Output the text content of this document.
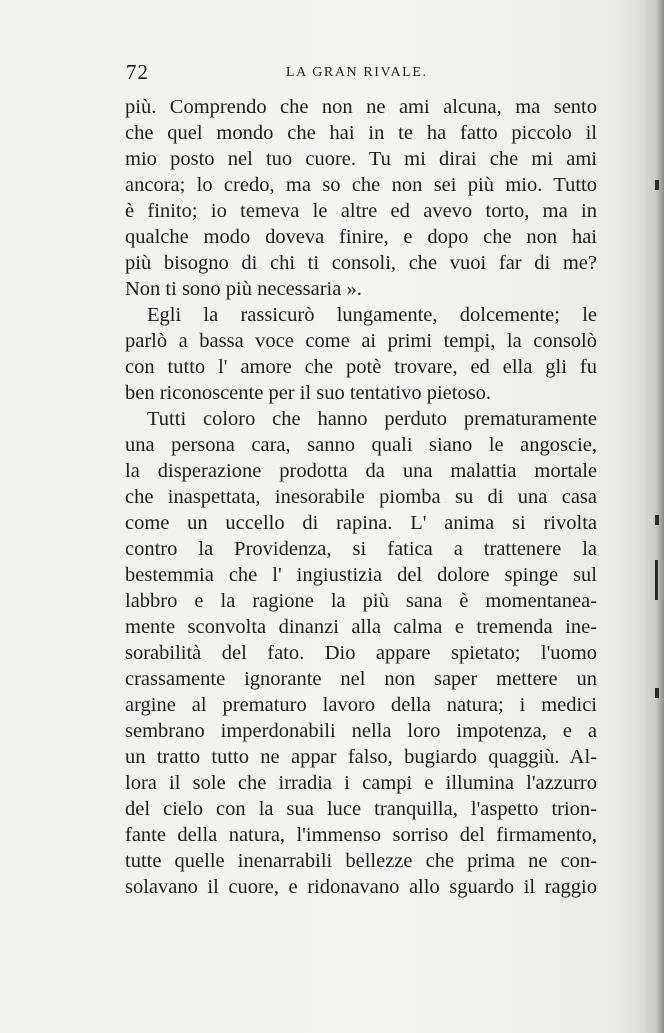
72	LA GRAN RIVALE.
più. Comprendo che non ne ami alcuna, ma sento
che quel mondo che hai in te ha fatto piccolo il
mio posto nel tuo cuore. Tu mi dirai che mi ami
ancora; lo credo, ma so che non sei più mio. Tutto
è finito; io temeva le altre ed avevo torto, ma in
qualche modo doveva finire, e dopo che non hai
più bisogno di chi ti consoli, che vuoi far di me?
Non ti sono più necessaria ».
Egli la rassicurò lungamente, dolcemente; le
parlò a bassa voce come ai primi tempi, la consolò
con tutto l' amore che potè trovare, ed ella gli fu
ben riconoscente per il suo tentativo pietoso.
Tutti coloro che hanno perduto prematuramente
una persona cara, sanno quali siano le angoscie,
la disperazione prodotta da una malattia mortale
che inaspettata, inesorabile piomba su di una casa
come un uccello di rapina. L' anima si rivolta
contro la Providenza, si fatica a trattenere la
bestemmia che l' ingiustizia del dolore spinge sul
labbro e la ragione la più sana è momentanea-
mente sconvolta dinanzi alla calma e tremenda ine-
sorabilità del fato. Dio appare spietato; l'uomo
crassamente ignorante nel non saper mettere un
argine al prematuro lavoro della natura; i medici
sembrano imperdonabili nella loro impotenza, e a
un tratto tutto ne appar falso, bugiardo quaggiù. Al-
lora il sole che irradia i campi e illumina l'azzurro
del cielo con la sua luce tranquilla, l'aspetto trion-
fante della natura, l'immenso sorriso del firmamento,
tutte quelle inenarrabili bellezze che prima ne con-
solavano il cuore, e ridonavano allo sguardo il raggio
